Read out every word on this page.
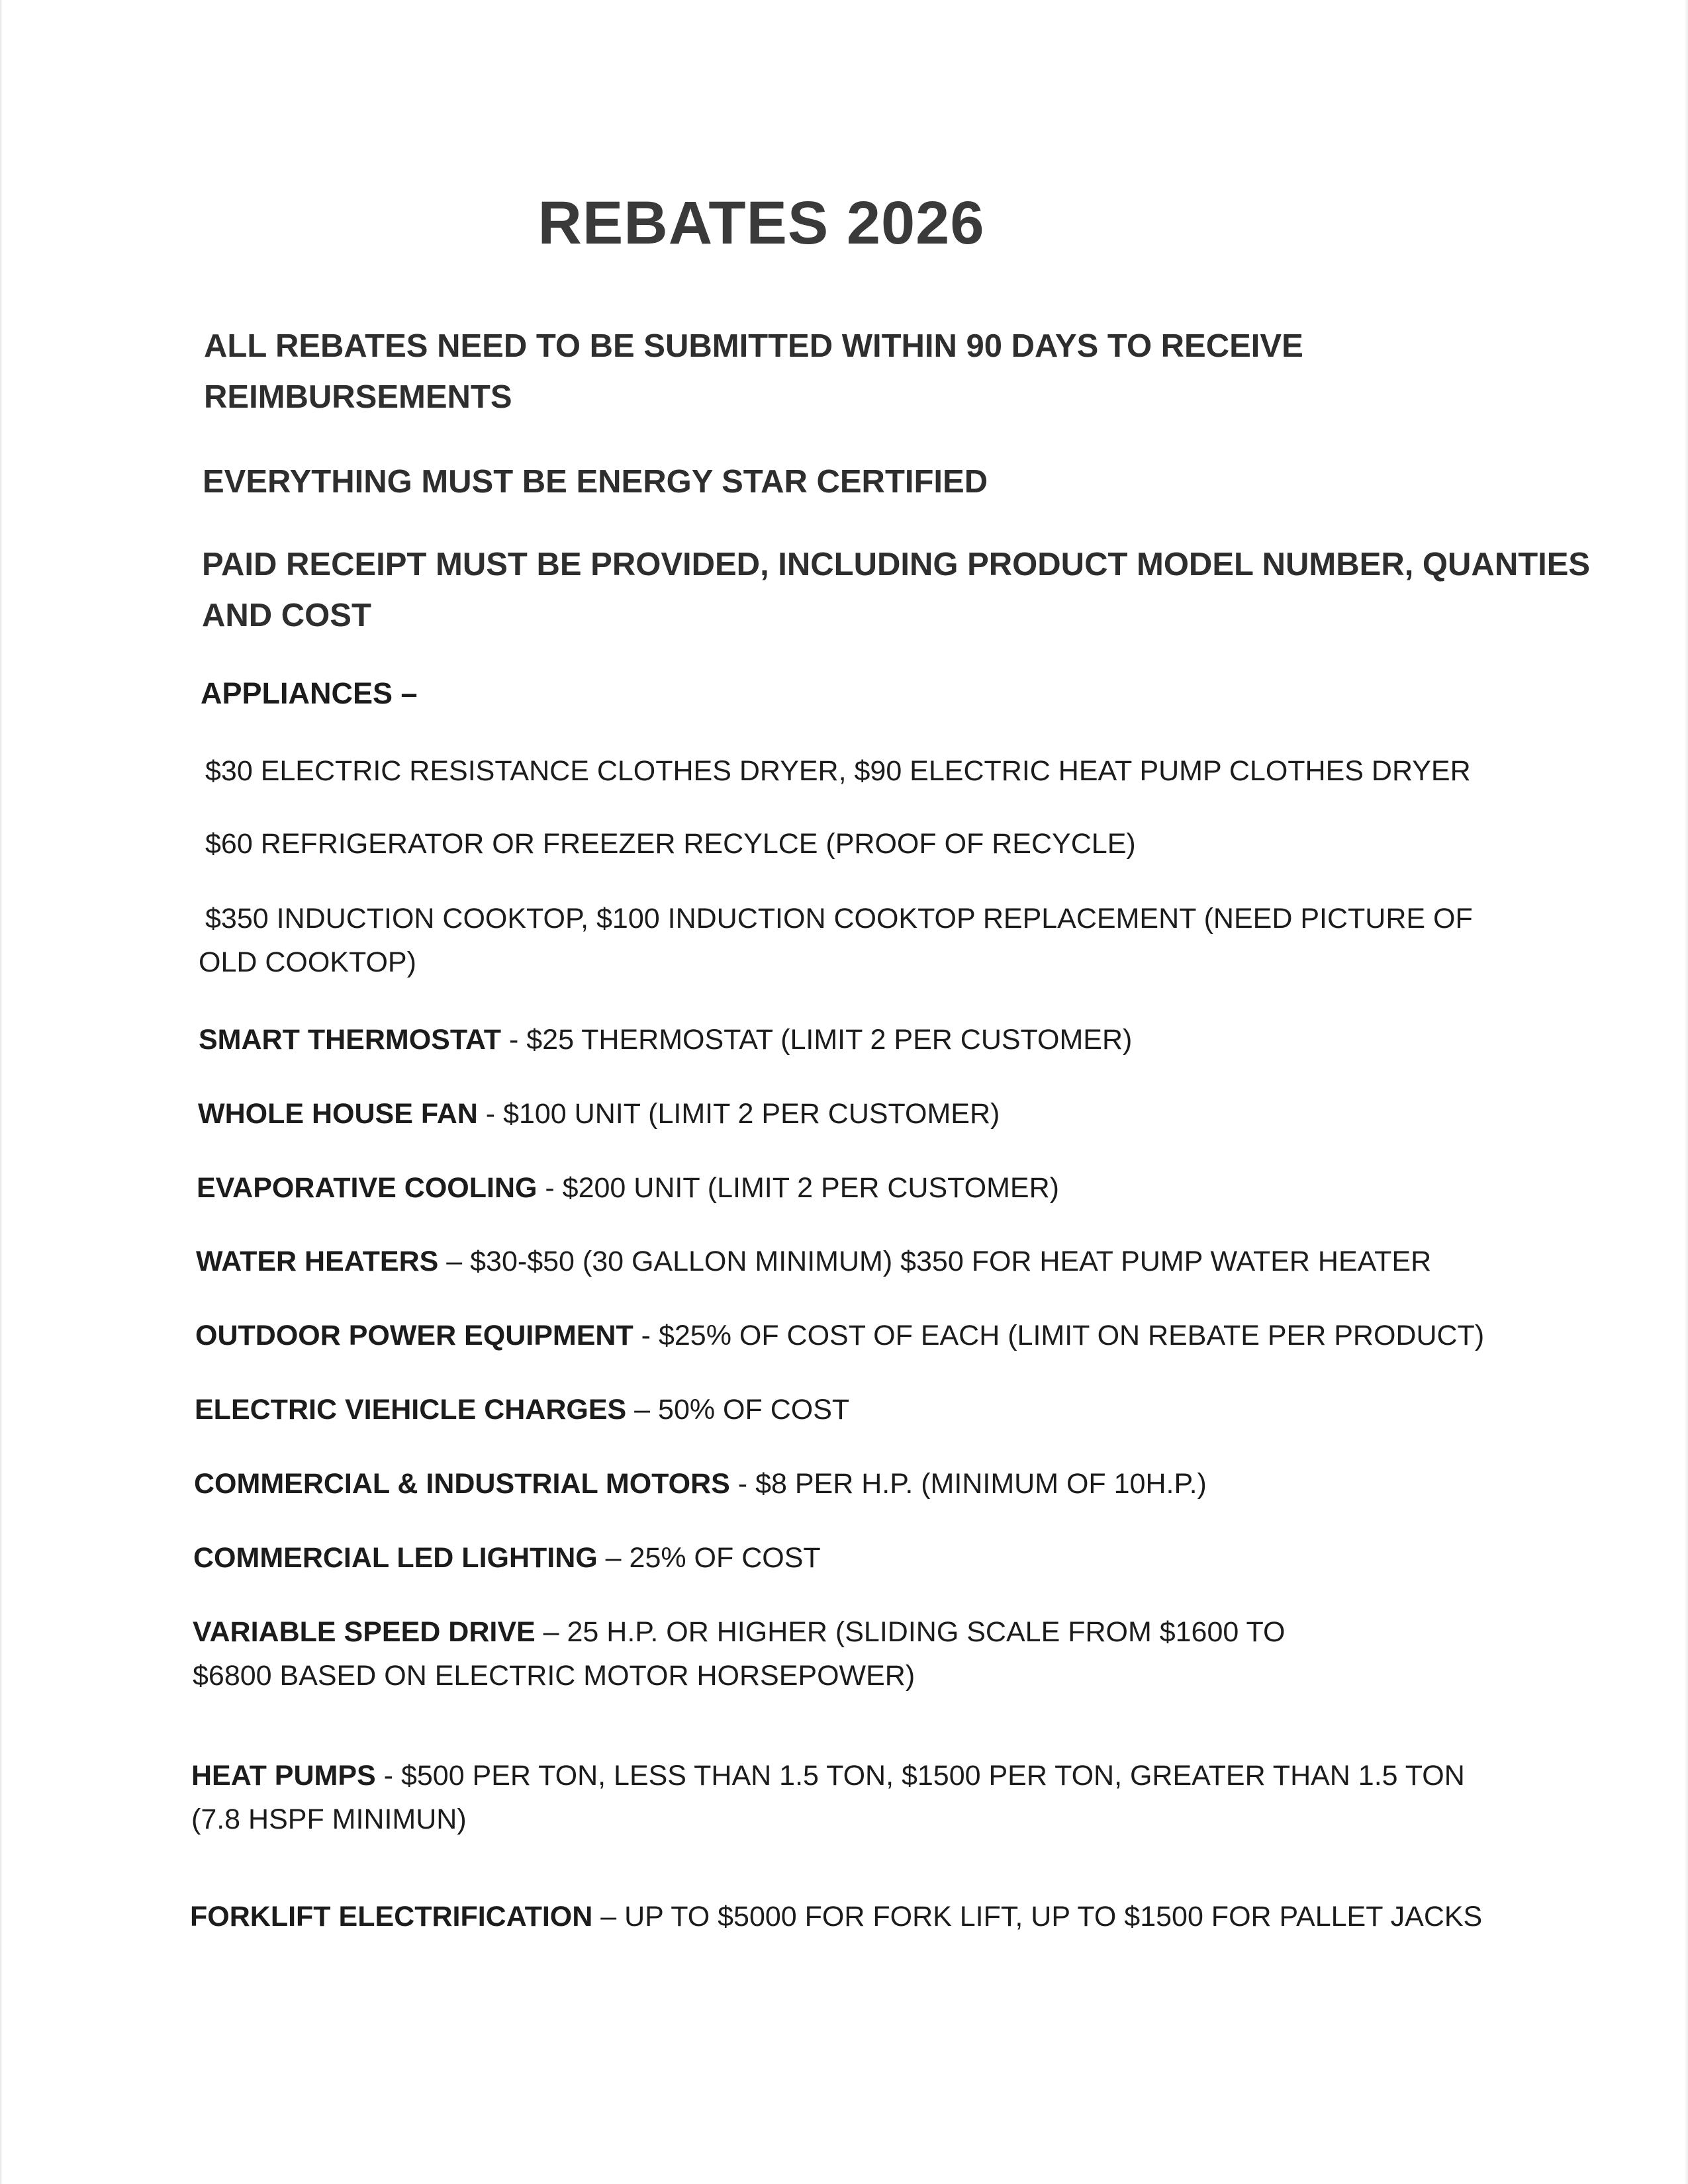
REBATES 2026
ALL REBATES NEED TO BE SUBMITTED WITHIN 90 DAYS TO RECEIVE REIMBURSEMENTS
EVERYTHING MUST BE ENERGY STAR CERTIFIED
PAID RECEIPT MUST BE PROVIDED, INCLUDING PRODUCT MODEL NUMBER, QUANTIES AND COST
APPLIANCES –
$30 ELECTRIC RESISTANCE CLOTHES DRYER, $90 ELECTRIC HEAT PUMP CLOTHES DRYER
$60 REFRIGERATOR OR FREEZER RECYLCE (PROOF OF RECYCLE)
$350 INDUCTION COOKTOP, $100 INDUCTION COOKTOP REPLACEMENT (NEED PICTURE OF OLD COOKTOP)
SMART THERMOSTAT - $25 THERMOSTAT (LIMIT 2 PER CUSTOMER)
WHOLE HOUSE FAN - $100 UNIT (LIMIT 2 PER CUSTOMER)
EVAPORATIVE COOLING - $200 UNIT (LIMIT 2 PER CUSTOMER)
WATER HEATERS – $30-$50 (30 GALLON MINIMUM) $350 FOR HEAT PUMP WATER HEATER
OUTDOOR POWER EQUIPMENT - $25% OF COST OF EACH (LIMIT ON REBATE PER PRODUCT)
ELECTRIC VIEHICLE CHARGES – 50% OF COST
COMMERCIAL & INDUSTRIAL MOTORS - $8 PER H.P. (MINIMUM OF 10H.P.)
COMMERCIAL LED LIGHTING – 25% OF COST
VARIABLE SPEED DRIVE – 25 H.P. OR HIGHER (SLIDING SCALE FROM $1600 TO $6800 BASED ON ELECTRIC MOTOR HORSEPOWER)
HEAT PUMPS - $500 PER TON, LESS THAN 1.5 TON, $1500 PER TON, GREATER THAN 1.5 TON (7.8 HSPF MINIMUN)
FORKLIFT ELECTRIFICATION – UP TO $5000 FOR FORK LIFT, UP TO $1500 FOR PALLET JACKS
